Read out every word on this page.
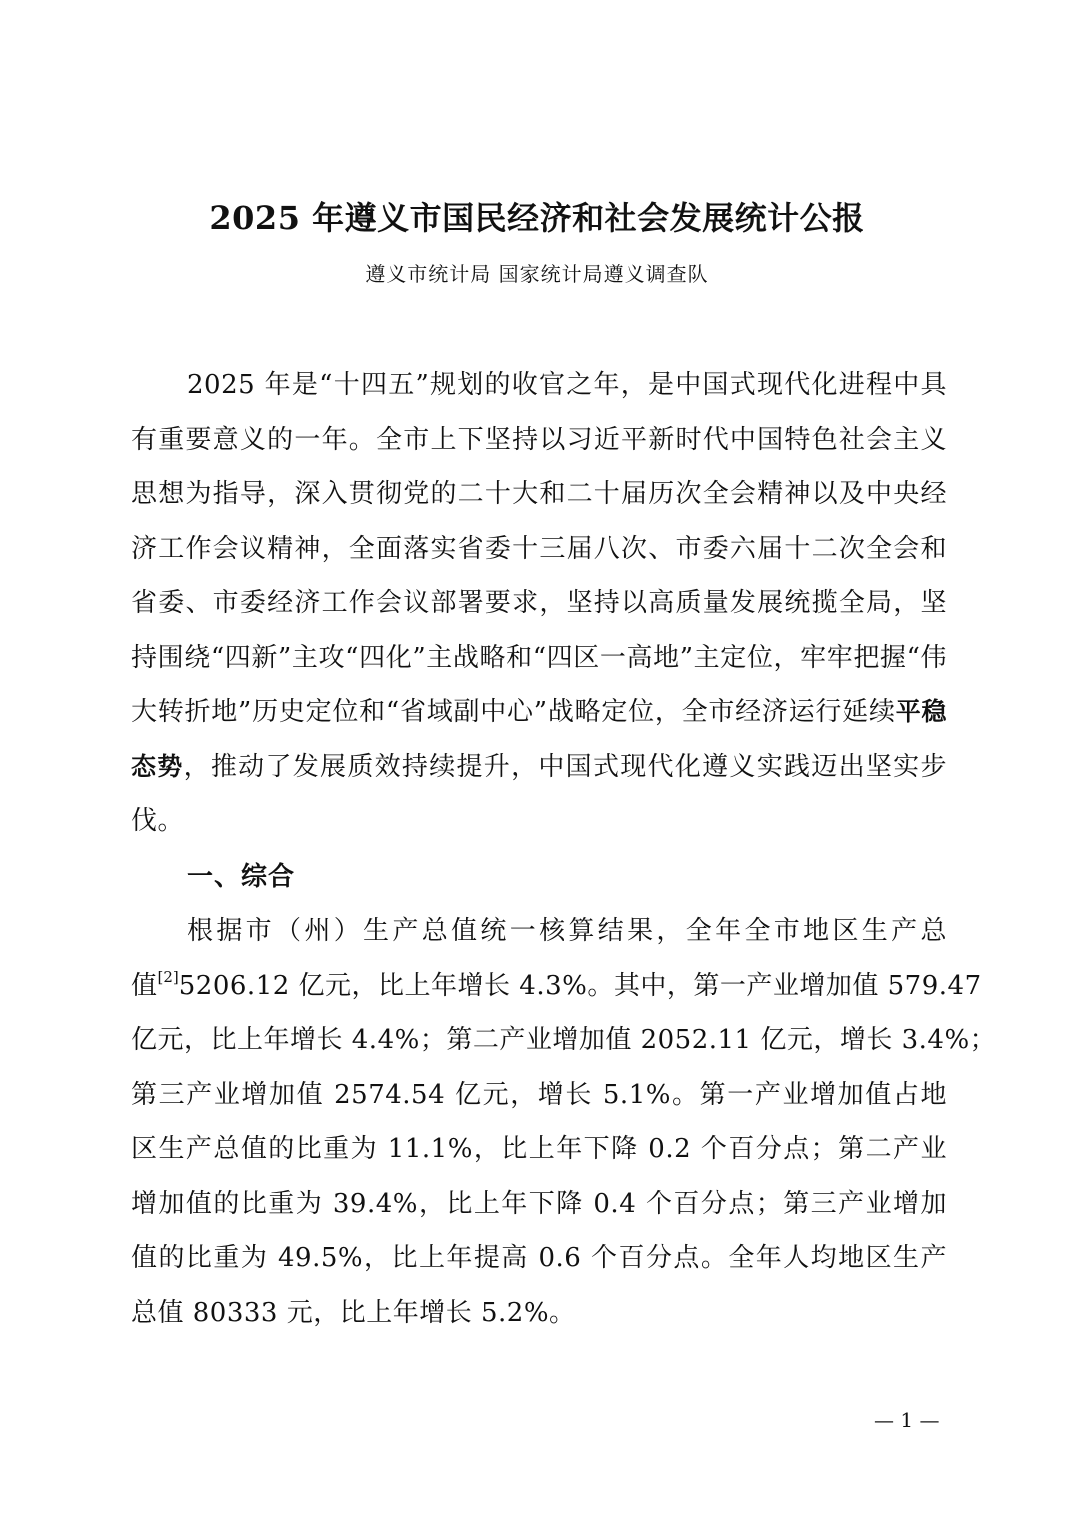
2025 年遵义市国民经济和社会发展统计公报
遵义市统计局 国家统计局遵义调查队
2025 年是“十四五”规划的收官之年，是中国式现代化进程中具有重要意义的一年。全市上下坚持以习近平新时代中国特色社会主义思想为指导，深入贯彻党的二十大和二十届历次全会精神以及中央经济工作会议精神，全面落实省委十三届八次、市委六届十二次全会和省委、市委经济工作会议部署要求，坚持以高质量发展统揽全局，坚持围绕“四新”主攻“四化”主战略和“四区一高地”主定位，牢牢把握“伟大转折地”历史定位和“省域副中心”战略定位，全市经济运行延续平稳态势，推动了发展质效持续提升，中国式现代化遵义实践迈出坚实步伐。
一、综合
根据市（州）生产总值统一核算结果，全年全市地区生产总
值[2]5206.12 亿元，比上年增长 4.3%。其中，第一产业增加值 579.47
亿元，比上年增长 4.4%；第二产业增加值 2052.11 亿元，增长 3.4%；
第三产业增加值 2574.54 亿元，增长 5.1%。第一产业增加值占地
区生产总值的比重为 11.1%，比上年下降 0.2 个百分点；第二产业
增加值的比重为 39.4%，比上年下降 0.4 个百分点；第三产业增加
值的比重为 49.5%，比上年提高 0.6 个百分点。全年人均地区生产
总值 80333 元，比上年增长 5.2%。
— 1 —
